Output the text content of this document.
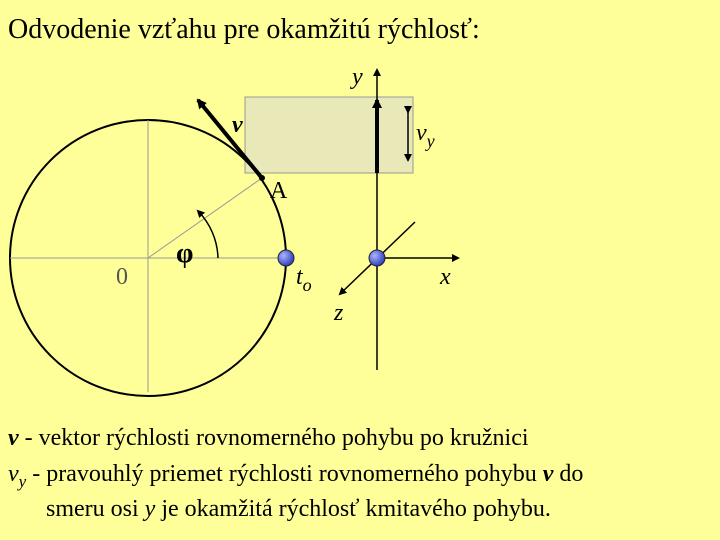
Odvodenie vzťahu pre okamžitú rýchlosť:
y
v	$v_y$
A
φ
0	$t_o$	x
z
v - vektor rýchlosti rovnomerného pohybu po kružnici
$v_y$ - pravouhlý priemet rýchlosti rovnomerného pohybu v do
smeru osi y je okamžitá rýchlosť kmitavého pohybu.
